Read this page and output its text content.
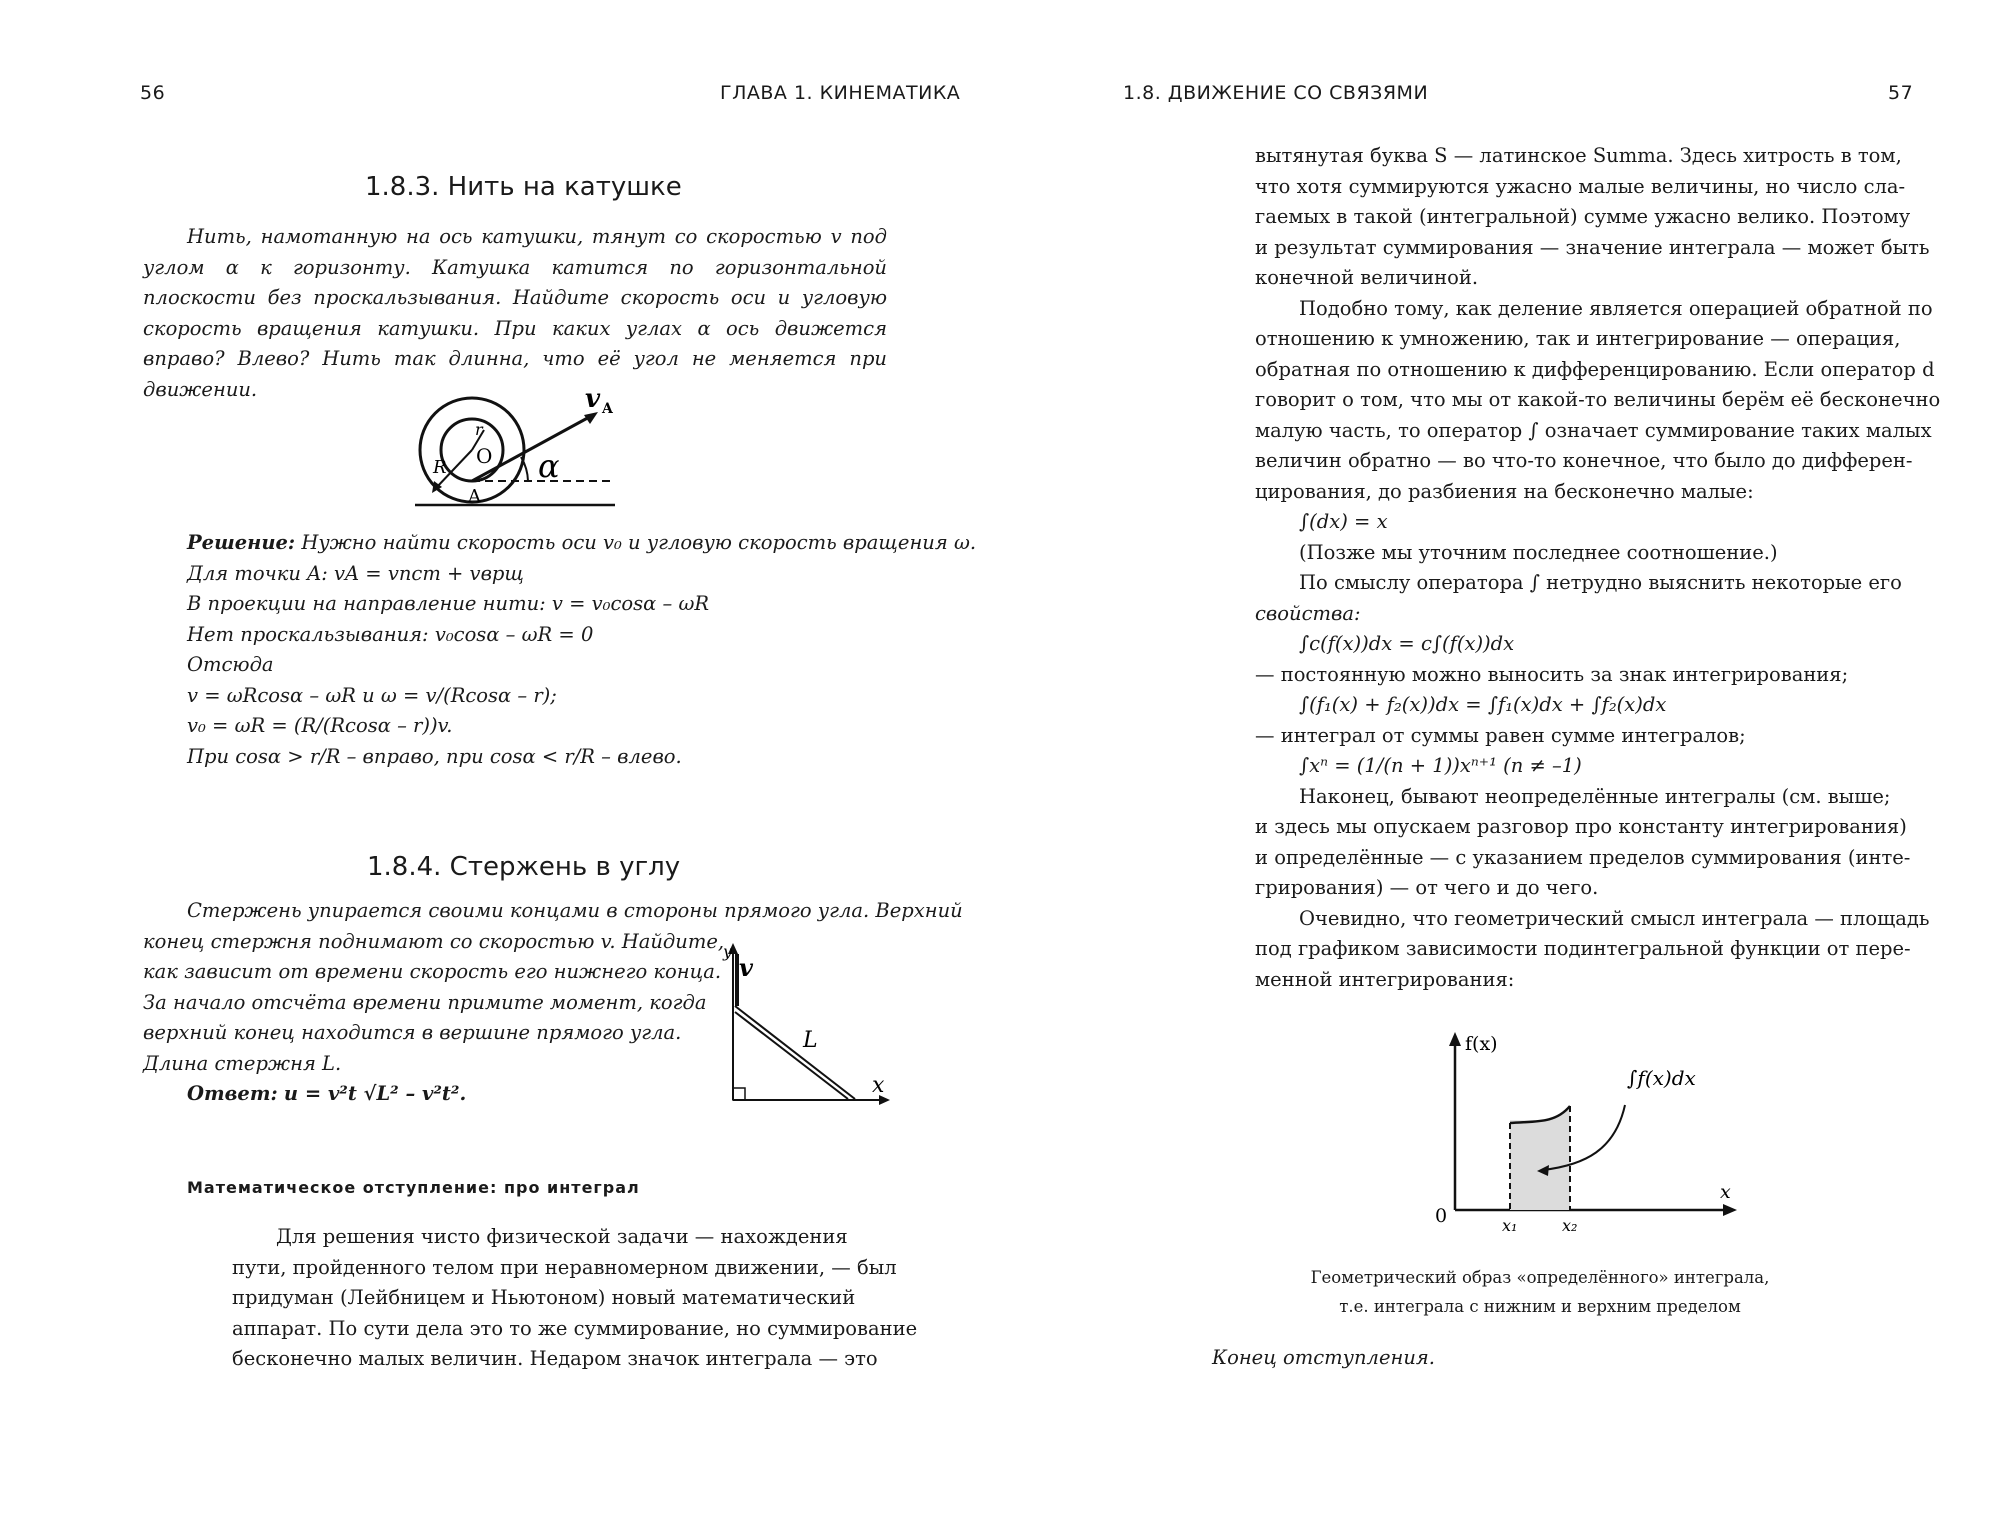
56	ГЛАВА 1. КИНЕМАТИКА
1.8.3. Нить на катушке

Нить, намотанную на ось катушки, тянут со скоростью v под углом α к горизонту. Катушка катится по горизонтальной плоскости без проскальзывания. Найдите скорость оси и угловую скорость вращения катушки. При каких углах α ось движется вправо? Влево? Нить так длинна, что её угол не меняется при движении.

r
O
R
A
α
v A
Решение: Нужно найти скорость оси v₀ и угловую скорость вращения ω.
Для точки A: vA = vпст + vврщ
В проекции на направление нити: v = v₀cosα – ωR
Нет проскальзывания: v₀cosα – ωR = 0
Отсюда
v = ωRcosα – ωR и ω = v/(Rcosα – r);
v₀ = ωR = (R/(Rcosα – r))v.
При cosα > r/R – вправо, при cosα < r/R – влево.
1.8.4. Стержень в углу
Стержень упирается своими концами в стороны прямого угла. Верхний
конец стержня поднимают со скоростью v. Найдите,
как зависит от времени скорость его нижнего конца.
За начало отсчёта времени примите момент, когда
верхний конец находится в вершине прямого угла.
Длина стержня L.
Ответ: u = v²t √L² – v²t².
y
v
L
x
Математическое отступление: про интеграл
Для решения чисто физической задачи — нахождения
пути, пройденного телом при неравномерном движении, — был
придуман (Лейбницем и Ньютоном) новый математический
аппарат. По сути дела это то же суммирование, но суммирование
бесконечно малых величин. Недаром значок интеграла — это
1.8. ДВИЖЕНИЕ СО СВЯЗЯМИ	57
вытянутая буква S — латинское Summa. Здесь хитрость в том,
что хотя суммируются ужасно малые величины, но число сла-
гаемых в такой (интегральной) сумме ужасно велико. Поэтому
и результат суммирования — значение интеграла — может быть
конечной величиной.
Подобно тому, как деление является операцией обратной по
отношению к умножению, так и интегрирование — операция,
обратная по отношению к дифференцированию. Если оператор d
говорит о том, что мы от какой-то величины берём её бесконечно
малую часть, то оператор ∫ означает суммирование таких малых
величин обратно — во что-то конечное, что было до дифферен-
цирования, до разбиения на бесконечно малые:
∫(dx) = x
(Позже мы уточним последнее соотношение.)
По смыслу оператора ∫ нетрудно выяснить некоторые его
свойства:
∫c(f(x))dx = c∫(f(x))dx
— постоянную можно выносить за знак интегрирования;
∫(f₁(x) + f₂(x))dx = ∫f₁(x)dx + ∫f₂(x)dx
— интеграл от суммы равен сумме интегралов;
∫xⁿ = (1/(n + 1))xⁿ⁺¹ (n ≠ –1)
Наконец, бывают неопределённые интегралы (см. выше;
и здесь мы опускаем разговор про константу интегрирования)
и определённые — с указанием пределов суммирования (инте-
грирования) — от чего и до чего.
Очевидно, что геометрический смысл интеграла — площадь
под графиком зависимости подинтегральной функции от пере-
менной интегрирования:
f(x)
x
0	x₁	x₂
∫f(x)dx
Геометрический образ «определённого» интеграла,
т.е. интеграла с нижним и верхним пределом
Конец отступления.
